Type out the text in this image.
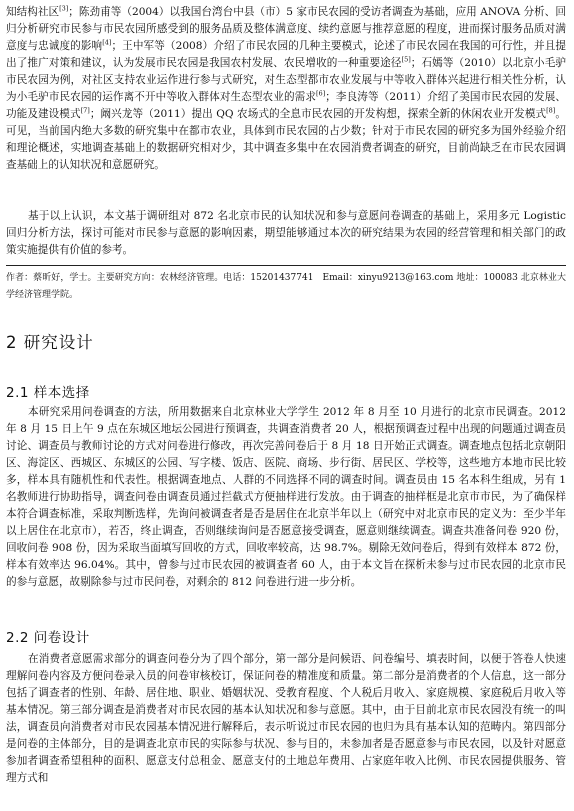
知结构社区[3]；陈劲甫等（2004）以我国台湾台中县（市）5 家市民农园的受访者调查为基础，应用 ANOVA 分析、回归分析研究市民参与市民农园所感受到的服务品质及整体满意度、续约意愿与推荐意愿的程度，进而探讨服务品质对满意度与忠诚度的影响[4]；王中军等（2008）介绍了市民农园的几种主要模式，论述了市民农园在我国的可行性，并且提出了推广对策和建议，认为发展市民农园是我国农村发展、农民增收的一种重要途径[5]；石嫣等（2010）以北京小毛驴市民农园为例，对社区支持农业运作进行参与式研究，对生态型都市农业发展与中等收入群体兴起进行相关性分析，认为小毛驴市民农园的运作离不开中等收入群体对生态型农业的需求[6]；李良涛等（2011）介绍了美国市民农园的发展、功能及建设模式[7]；阚兴龙等（2011）提出 QQ 农场式的全息市民农园的开发构想，探索全新的休闲农业开发模式[8]。可见，当前国内绝大多数的研究集中在都市农业，具体到市民农园的占少数；针对于市民农园的研究多为国外经验介绍和理论概述，实地调查基础上的数据研究相对少，其中调查多集中在农园消费者调查的研究，目前尚缺乏在市民农园调查基础上的认知状况和意愿研究。

基于以上认识，本文基于调研组对 872 名北京市民的认知状况和参与意愿问卷调查的基础上，采用多元 Logistic 回归分析方法，探讨可能对市民参与意愿的影响因素，期望能够通过本次的研究结果为农园的经营管理和相关部门的政策实施提供有价值的参考。

作者：蔡昕好，学士。主要研究方向：农林经济管理。电话：15201437741　Email：xinyu9213@163.com 地址：100083 北京林业大学经济管理学院。

2 研究设计
2.1 样本选择

本研究采用问卷调查的方法，所用数据来自北京林业大学学生 2012 年 8 月至 10 月进行的北京市民调查。2012 年 8 月 15 日上午 9 点在东城区地坛公园进行预调查，共调查消费者 20 人，根据预调查过程中出现的问题通过调查员讨论、调查员与教师讨论的方式对问卷进行修改，再次完善问卷后于 8 月 18 日开始正式调查。调查地点包括北京朝阳区、海淀区、西城区、东城区的公园、写字楼、饭店、医院、商场、步行街、居民区、学校等，这些地方本地市民比较多，样本具有随机性和代表性。根据调查地点、人群的不同选择不同的调查时间。调查员由 15 名本科生组成，另有 1 名教师进行协助指导，调查问卷由调查员通过拦截式方便抽样进行发放。由于调查的抽样框是北京市市民，为了确保样本符合调查标准，采取判断选样，先询问被调查者是否是居住在北京半年以上（研究中对北京市民的定义为：至少半年以上居住在北京市），若否，终止调查，否则继续询问是否愿意接受调查，愿意则继续调查。调查共准备问卷 920 份，回收问卷 908 份，因为采取当面填写回收的方式，回收率较高，达 98.7%。剔除无效问卷后，得到有效样本 872 份，样本有效率达 96.04%。其中，曾参与过市民农园的被调查者 60 人，由于本文旨在探析未参与过市民农园的北京市民的参与意愿，故剔除参与过市民问卷，对剩余的 812 问卷进行进一步分析。

2.2 问卷设计

在消费者意愿需求部分的调查问卷分为了四个部分，第一部分是问候语、问卷编号、填表时间，以便于答卷人快速理解问卷内容及方便问卷录入员的问卷审核校订，保证问卷的精准度和质量。第二部分是消费者的个人信息，这一部分包括了调查者的性别、年龄、居住地、职业、婚姻状况、受教育程度、个人税后月收入、家庭规模、家庭税后月收入等基本情况。第三部分调查是消费者对市民农园的基本认知状况和参与意愿。其中，由于目前北京市民农园没有统一的叫法，调查员向消费者对市民农园基本情况进行解释后，表示听说过市民农园的也归为具有基本认知的范畴内。第四部分是问卷的主体部分，目的是调查北京市民的实际参与状况、参与目的，未参加者是否愿意参与市民农园，以及针对愿意参加者调查希望租种的面积、愿意支付总租金、愿意支付的土地总年费用、占家庭年收入比例、市民农园提供服务、管理方式和
